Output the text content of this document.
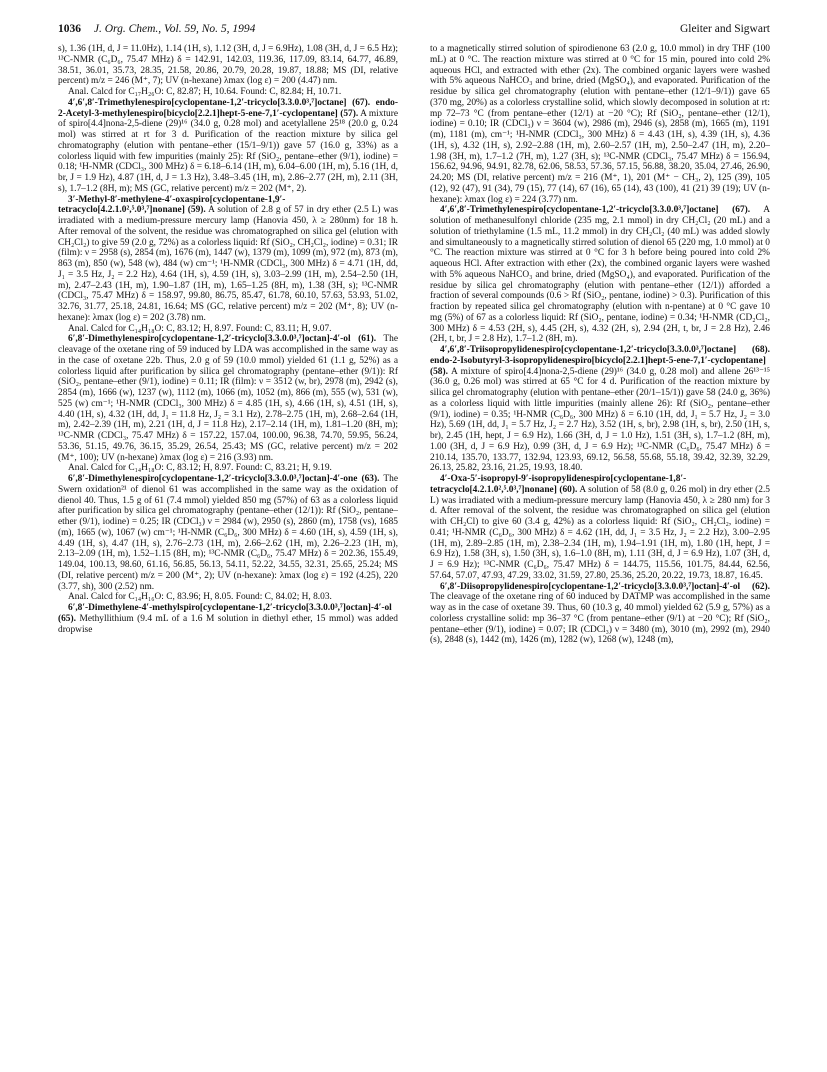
1036 J. Org. Chem., Vol. 59, No. 5, 1994	Gleiter and Sigwart

s), 1.36 (1H, d, J = 11.0Hz), 1.14 (1H, s), 1.12 (3H, d, J = 6.9Hz), 1.08 (3H, d, J = 6.5 Hz); ¹³C-NMR (C₆D₆, 75.47 MHz) δ = 142.91, 142.03, 119.36, 117.09, 83.14, 64.77, 46.89, 38.51, 36.01, 35.73, 28.35, 21.58, 20.86, 20.79, 20.28, 19.87, 18.88; MS (DI, relative percent) m/z = 246 (M⁺, 7); UV (n-hexane) λmax (log ε) = 200 (4.47) nm.

Anal. Calcd for C₁₇H₂₆O: C, 82.87; H, 10.64. Found: C, 82.84; H, 10.71.

4′,6′,8′-Trimethylenespiro[cyclopentane-1,2′-tricyclo[3.3.0.0³,⁷]octane] (67). endo-2-Acetyl-3-methylenespiro[bicyclo[2.2.1]hept-5-ene-7,1′-cyclopentane] (57). A mixture of spiro[4.4]nona-2,5-diene (29)¹⁶ (34.0 g, 0.28 mol) and acetylallene 25¹⁸ (20.0 g, 0.24 mol) was stirred at rt for 3 d. Purification of the reaction mixture by silica gel chromatography (elution with pentane–ether (15/1–9/1)) gave 57 (16.0 g, 33%) as a colorless liquid with few impurities (mainly 25): Rf (SiO₂, pentane–ether (9/1), iodine) = 0.18; ¹H-NMR (CDCl₃, 300 MHz) δ = 6.18–6.14 (1H, m), 6.04–6.00 (1H, m), 5.16 (1H, d, br, J = 1.9 Hz), 4.87 (1H, d, J = 1.3 Hz), 3.48–3.45 (1H, m), 2.86–2.77 (2H, m), 2.11 (3H, s), 1.7–1.2 (8H, m); MS (GC, relative percent) m/z = 202 (M⁺, 2).

3′-Methyl-8′-methylene-4′-oxaspiro[cyclopentane-1,9′-tetracyclo[4.2.1.0²,⁵.0³,⁷]nonane] (59). A solution of 2.8 g of 57 in dry ether (2.5 L) was irradiated with a medium-pressure mercury lamp (Hanovia 450, λ ≥ 280nm) for 18 h. After removal of the solvent, the residue was chromatographed on silica gel (elution with CH₂Cl₂) to give 59 (2.0 g, 72%) as a colorless liquid: Rf (SiO₂, CH₂Cl₂, iodine) = 0.31; IR (film): ν = 2958 (s), 2854 (m), 1676 (m), 1447 (w), 1379 (m), 1099 (m), 972 (m), 873 (m), 863 (m), 850 (w), 548 (w), 484 (w) cm⁻¹; ¹H-NMR (CDCl₃, 300 MHz) δ = 4.71 (1H, dd, J₁ = 3.5 Hz, J₂ = 2.2 Hz), 4.64 (1H, s), 4.59 (1H, s), 3.03–2.99 (1H, m), 2.54–2.50 (1H, m), 2.47–2.43 (1H, m), 1.90–1.87 (1H, m), 1.65–1.25 (8H, m), 1.38 (3H, s); ¹³C-NMR (CDCl₃, 75.47 MHz) δ = 158.97, 99.80, 86.75, 85.47, 61.78, 60.10, 57.63, 53.93, 51.02, 32.76, 31.77, 25.18, 24.81, 16.64; MS (GC, relative percent) m/z = 202 (M⁺, 8); UV (n-hexane): λmax (log ε) = 202 (3.78) nm.

Anal. Calcd for C₁₄H₁₈O: C, 83.12; H, 8.97. Found: C, 83.11; H, 9.07.

6′,8′-Dimethylenespiro[cyclopentane-1,2′-tricyclo[3.3.0.0³,⁷]octan]-4′-ol (61). The cleavage of the oxetane ring of 59 induced by LDA was accomplished in the same way as in the case of oxetane 22b. Thus, 2.0 g of 59 (10.0 mmol) yielded 61 (1.1 g, 52%) as a colorless liquid after purification by silica gel chromatography (pentane–ether (9/1)): Rf (SiO₂, pentane–ether (9/1), iodine) = 0.11; IR (film): ν = 3512 (w, br), 2978 (m), 2942 (s), 2854 (m), 1666 (w), 1237 (w), 1112 (m), 1066 (m), 1052 (m), 866 (m), 555 (w), 531 (w), 525 (w) cm⁻¹; ¹H-NMR (CDCl₃, 300 MHz) δ = 4.85 (1H, s), 4.66 (1H, s), 4.51 (1H, s), 4.40 (1H, s), 4.32 (1H, dd, J₁ = 11.8 Hz, J₂ = 3.1 Hz), 2.78–2.75 (1H, m), 2.68–2.64 (1H, m), 2.42–2.39 (1H, m), 2.21 (1H, d, J = 11.8 Hz), 2.17–2.14 (1H, m), 1.81–1.20 (8H, m); ¹³C-NMR (CDCl₃, 75.47 MHz) δ = 157.22, 157.04, 100.00, 96.38, 74.70, 59.95, 56.24, 53.36, 51.15, 49.76, 36.15, 35.29, 26.54, 25.43; MS (GC, relative percent) m/z = 202 (M⁺, 100); UV (n-hexane) λmax (log ε) = 216 (3.93) nm.

Anal. Calcd for C₁₄H₁₈O: C, 83.12; H, 8.97. Found: C, 83.21; H, 9.19.

6′,8′-Dimethylenespiro[cyclopentane-1,2′-tricyclo[3.3.0.0³,⁷]octan]-4′-one (63). The Swern oxidation²¹ of dienol 61 was accomplished in the same way as the oxidation of dienol 40. Thus, 1.5 g of 61 (7.4 mmol) yielded 850 mg (57%) of 63 as a colorless liquid after purification by silica gel chromatography (pentane–ether (12/1)): Rf (SiO₂, pentane–ether (9/1), iodine) = 0.25; IR (CDCl₃) ν = 2984 (w), 2950 (s), 2860 (m), 1758 (vs), 1685 (m), 1665 (w), 1067 (w) cm⁻¹; ¹H-NMR (C₆D₆, 300 MHz) δ = 4.60 (1H, s), 4.59 (1H, s), 4.49 (1H, s), 4.47 (1H, s), 2.76–2.73 (1H, m), 2.66–2.62 (1H, m), 2.26–2.23 (1H, m), 2.13–2.09 (1H, m), 1.52–1.15 (8H, m); ¹³C-NMR (C₆D₆, 75.47 MHz) δ = 202.36, 155.49, 149.04, 100.13, 98.60, 61.16, 56.85, 56.13, 54.11, 52.22, 34.55, 32.31, 25.65, 25.24; MS (DI, relative percent) m/z = 200 (M⁺, 2); UV (n-hexane): λmax (log ε) = 192 (4.25), 220 (3.77, sh), 300 (2.52) nm.

Anal. Calcd for C₁₄H₁₆O: C, 83.96; H, 8.05. Found: C, 84.02; H, 8.03.

6′,8′-Dimethylene-4′-methylspiro[cyclopentane-1,2′-tricyclo[3.3.0.0³,⁷]octan]-4′-ol (65). Methyllithium (9.4 mL of a 1.6 M solution in diethyl ether, 15 mmol) was added dropwise

to a magnetically stirred solution of spirodienone 63 (2.0 g, 10.0 mmol) in dry THF (100 mL) at 0 °C. The reaction mixture was stirred at 0 °C for 15 min, poured into cold 2% aqueous HCl, and extracted with ether (2x). The combined organic layers were washed with 5% aqueous NaHCO₃ and brine, dried (MgSO₄), and evaporated. Purification of the residue by silica gel chromatography (elution with pentane–ether (12/1–9/1)) gave 65 (370 mg, 20%) as a colorless crystalline solid, which slowly decomposed in solution at rt: mp 72–73 °C (from pentane–ether (12/1) at −20 °C); Rf (SiO₂, pentane–ether (12/1), iodine) = 0.10; IR (CDCl₃) ν = 3604 (w), 2986 (m), 2946 (s), 2858 (m), 1665 (m), 1191 (m), 1181 (m), cm⁻¹; ¹H-NMR (CDCl₃, 300 MHz) δ = 4.43 (1H, s), 4.39 (1H, s), 4.36 (1H, s), 4.32 (1H, s), 2.92–2.88 (1H, m), 2.60–2.57 (1H, m), 2.50–2.47 (1H, m), 2.20–1.98 (3H, m), 1.7–1.2 (7H, m), 1.27 (3H, s); ¹³C-NMR (CDCl₃, 75.47 MHz) δ = 156.94, 156.62, 94.96, 94.91, 82.78, 62.06, 58.53, 57.36, 57.15, 56.88, 38.20, 35.04, 27.46, 26.90, 24.20; MS (DI, relative percent) m/z = 216 (M⁺, 1), 201 (M⁺ − CH₃, 2), 125 (39), 105 (12), 92 (47), 91 (34), 79 (15), 77 (14), 67 (16), 65 (14), 43 (100), 41 (21) 39 (19); UV (n-hexane): λmax (log ε) = 224 (3.77) nm.

4′,6′,8′-Trimethylenespiro[cyclopentane-1,2′-tricyclo[3.3.0.0³,⁷]octane] (67). A solution of methanesulfonyl chloride (235 mg, 2.1 mmol) in dry CH₂Cl₂ (20 mL) and a solution of triethylamine (1.5 mL, 11.2 mmol) in dry CH₂Cl₂ (40 mL) was added slowly and simultaneously to a magnetically stirred solution of dienol 65 (220 mg, 1.0 mmol) at 0 °C. The reaction mixture was stirred at 0 °C for 3 h before being poured into cold 2% aqueous HCl. After extraction with ether (2x), the combined organic layers were washed with 5% aqueous NaHCO₃ and brine, dried (MgSO₄), and evaporated. Purification of the residue by silica gel chromatography (elution with pentane–ether (12/1)) afforded a fraction of several compounds (0.6 > Rf (SiO₂, pentane, iodine) > 0.3). Purification of this fraction by repeated silica gel chromatography (elution with n-pentane) at 0 °C gave 10 mg (5%) of 67 as a colorless liquid: Rf (SiO₂, pentane, iodine) = 0.34; ¹H-NMR (CD₂Cl₂, 300 MHz) δ = 4.53 (2H, s), 4.45 (2H, s), 4.32 (2H, s), 2.94 (2H, t, br, J = 2.8 Hz), 2.46 (2H, t, br, J = 2.8 Hz), 1.7–1.2 (8H, m).

4′,6′,8′-Triisopropylidenespiro[cyclopentane-1,2′-tricyclo[3.3.0.0³,⁷]octane] (68). endo-2-Isobutyryl-3-isopropylidenespiro[bicyclo[2.2.1]hept-5-ene-7,1′-cyclopentane] (58). A mixture of spiro[4.4]nona-2,5-diene (29)¹⁶ (34.0 g, 0.28 mol) and allene 26¹³⁻¹⁵ (36.0 g, 0.26 mol) was stirred at 65 °C for 4 d. Purification of the reaction mixture by silica gel chromatography (elution with pentane–ether (20/1–15/1)) gave 58 (24.0 g, 36%) as a colorless liquid with little impurities (mainly allene 26): Rf (SiO₂, pentane–ether (9/1), iodine) = 0.35; ¹H-NMR (C₆D₆, 300 MHz) δ = 6.10 (1H, dd, J₁ = 5.7 Hz, J₂ = 3.0 Hz), 5.69 (1H, dd, J₁ = 5.7 Hz, J₂ = 2.7 Hz), 3.52 (1H, s, br), 2.98 (1H, s, br), 2.50 (1H, s, br), 2.45 (1H, hept, J = 6.9 Hz), 1.66 (3H, d, J = 1.0 Hz), 1.51 (3H, s), 1.7–1.2 (8H, m), 1.00 (3H, d, J = 6.9 Hz), 0.99 (3H, d, J = 6.9 Hz); ¹³C-NMR (C₆D₆, 75.47 MHz) δ = 210.14, 135.70, 133.77, 132.94, 123.93, 69.12, 56.58, 55.68, 55.18, 39.42, 32.39, 32.29, 26.13, 25.82, 23.16, 21.25, 19.93, 18.40.

4′-Oxa-5′-isopropyl-9′-isopropylidenespiro[cyclopentane-1,8′-tetracyclo[4.2.1.0²,⁵.0³,⁷]nonane] (60). A solution of 58 (8.0 g, 0.26 mol) in dry ether (2.5 L) was irradiated with a medium-pressure mercury lamp (Hanovia 450, λ ≥ 280 nm) for 3 d. After removal of the solvent, the residue was chromatographed on silica gel (elution with CH₂Cl) to give 60 (3.4 g, 42%) as a colorless liquid: Rf (SiO₂, CH₂Cl₂, iodine) = 0.41; ¹H-NMR (C₆D₆, 300 MHz) δ = 4.62 (1H, dd, J₁ = 3.5 Hz, J₂ = 2.2 Hz), 3.00–2.95 (1H, m), 2.89–2.85 (1H, m), 2.38–2.34 (1H, m), 1.94–1.91 (1H, m), 1.80 (1H, hept, J = 6.9 Hz), 1.58 (3H, s), 1.50 (3H, s), 1.6–1.0 (8H, m), 1.11 (3H, d, J = 6.9 Hz), 1.07 (3H, d, J = 6.9 Hz); ¹³C-NMR (C₆D₆, 75.47 MHz) δ = 144.75, 115.56, 101.75, 84.44, 62.56, 57.64, 57.07, 47.93, 47.29, 33.02, 31.59, 27.80, 25.36, 25.20, 20.22, 19.73, 18.87, 16.45.

6′,8′-Diisopropylidenespiro[cyclopentane-1,2′-tricyclo[3.3.0.0³,⁷]octan]-4′-ol (62). The cleavage of the oxetane ring of 60 induced by DATMP was accomplished in the same way as in the case of oxetane 39. Thus, 60 (10.3 g, 40 mmol) yielded 62 (5.9 g, 57%) as a colorless crystalline solid: mp 36–37 °C (from pentane–ether (9/1) at −20 °C); Rf (SiO₂, pentane–ether (9/1), iodine) = 0.07; IR (CDCl₃) ν = 3480 (m), 3010 (m), 2992 (m), 2940 (s), 2848 (s), 1442 (m), 1426 (m), 1282 (w), 1268 (w), 1248 (m),
